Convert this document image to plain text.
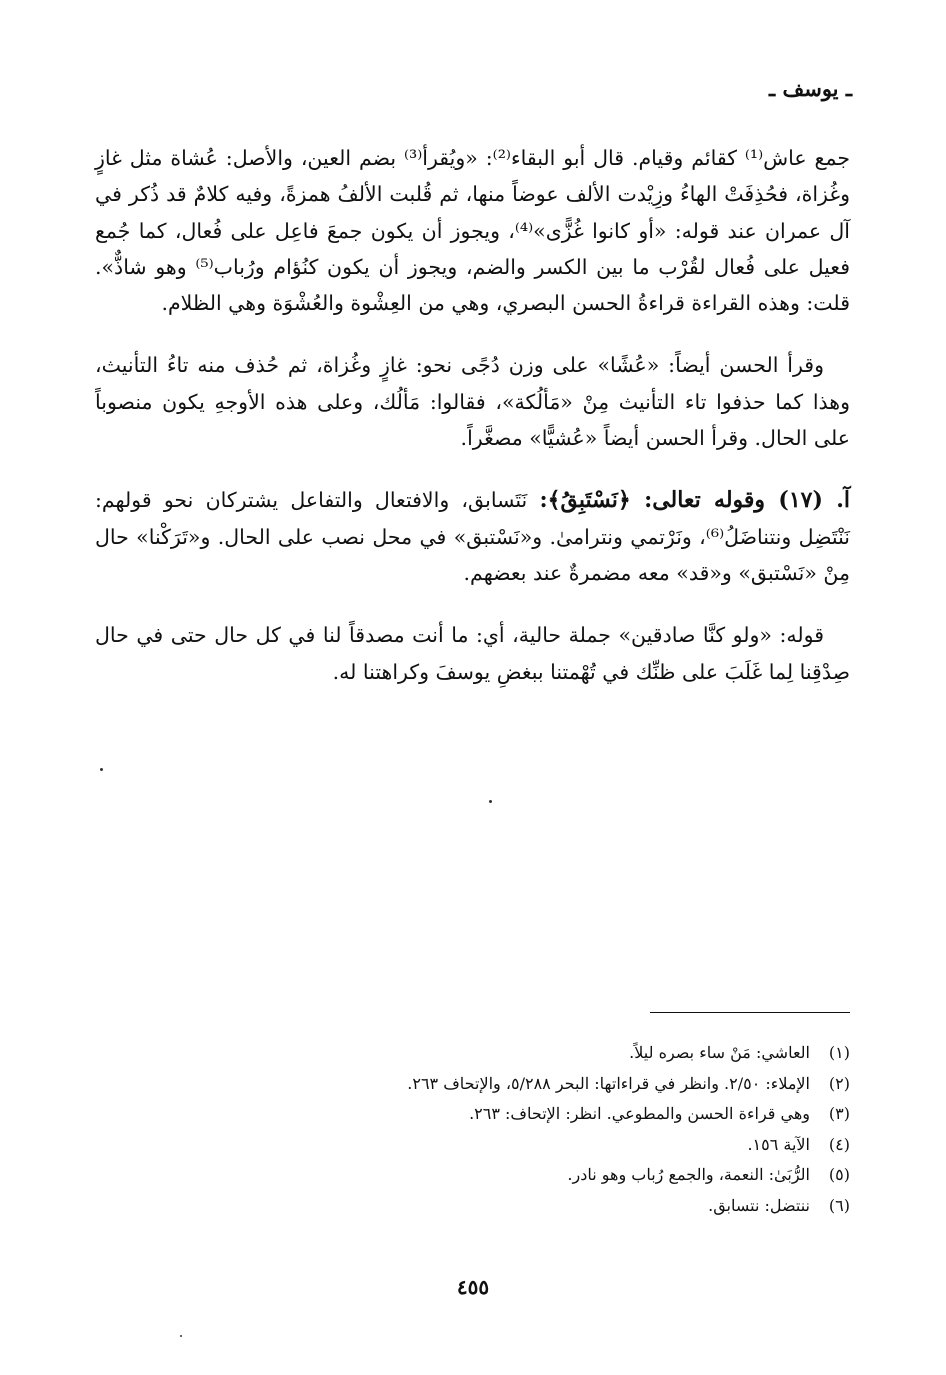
ـ يوسف ـ

جمع عاش⁠⁽¹⁾ كقائم وقيام. قال أبو البقاء⁽²⁾: «ويُقرأ⁽³⁾ بضم العين، والأصل: عُشاة مثل غازٍ وغُزاة، فحُذِفَتْ الهاءُ وزِيْدت الألف عوضاً منها، ثم قُلبت الألفُ همزةً، وفيه كلامٌ قد ذُكر في آل عمران عند قوله: «أو كانوا غُزًّى»⁽⁴⁾، ويجوز أن يكون جمعَ فاعِل على فُعال، كما جُمع فعيل على فُعال لقُرْب ما بين الكسر والضم، ويجوز أن يكون كنُؤام ورُباب⁽⁵⁾ وهو شاذٌّ». قلت: وهذه القراءة قراءةُ الحسن البصري، وهي من العِشْوة والعُشْوَة وهي الظلام.

وقرأ الحسن أيضاً: «عُشًا» على وزن دُجًى نحو: غازٍ وغُزاة، ثم حُذف منه تاءُ التأنيث، وهذا كما حذفوا تاء التأنيث مِنْ «مَألُكة»، فقالوا: مَألُك، وعلى هذه الأوجهِ يكون منصوباً على الحال. وقرأ الحسن أيضاً «عُشيًّا» مصغَّراً.

آ. (١٧) وقوله تعالى: ﴿نَسْتَبِقُ﴾: نَتَسابق، والافتعال والتفاعل يشتركان نحو قولهم: نَنْتَضِل ونتناضَلُ⁽⁶⁾، ونَرْتمي ونترامىٰ. و«نَسْتبق» في محل نصب على الحال. و«تَرَكْنا» حال مِنْ «نَسْتبق» و«قد» معه مضمرةٌ عند بعضهم.

قوله: «ولو كنَّا صادقين» جملة حالية، أي: ما أنت مصدقاً لنا في كل حال حتى في حال صِدْقِنا لِما غَلَبَ على ظنِّك في تُهْمتنا ببغضِ يوسفَ وكراهتنا له.

(١)
العاشي: مَنْ ساء بصره ليلاً.
(٢)
الإملاء: ٢/٥٠. وانظر في قراءاتها: البحر ٥/٢٨٨، والإتحاف ٢٦٣.
(٣)
وهي قراءة الحسن والمطوعي. انظر: الإتحاف: ٢٦٣.
(٤)
الآية ١٥٦.
(٥)
الرُّبَىٰ: النعمة، والجمع رُباب وهو نادر.
(٦)
ننتضل: نتسابق.
٤٥٥
